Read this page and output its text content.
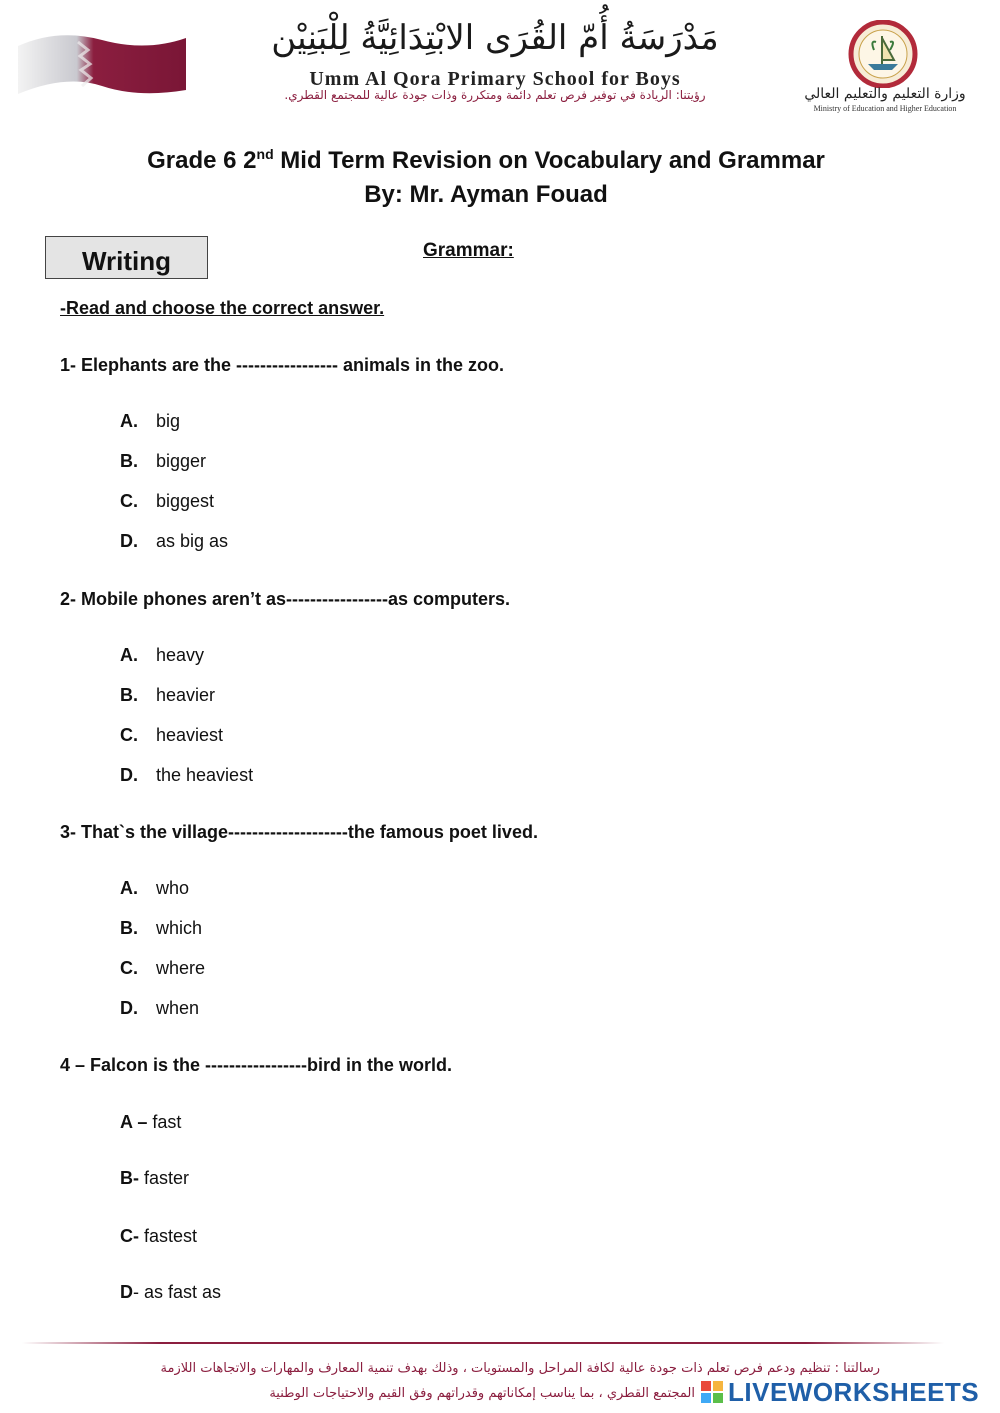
مَدْرَسَةُ أُمّ القُرَى الابْتِدَائِيَّةُ لِلْبَنِيْن
Umm Al Qora Primary School for Boys
رؤيتنا: الريادة في توفير فرص تعلم دائمة ومتكررة وذات جودة عالية للمجتمع القطري.	وزارة التعليم والتعليم العالي
Ministry of Education and Higher Education
Grade 6 2nd Mid Term Revision on Vocabulary and Grammar
By: Mr. Ayman Fouad
Writing	Grammar:
-Read and choose the correct answer.
1- Elephants are the ----------------- animals in the zoo.
A. big
B. bigger
C. biggest
D. as big as
2- Mobile phones aren’t as-----------------as computers.
A. heavy
B. heavier
C. heaviest
D. the heaviest
3- That`s the village--------------------the famous poet lived.
A. who
B. which
C. where
D. when
4 – Falcon is the -----------------bird in the world.
A – fast
B- faster
C- fastest
D- as fast as
رسالتنا : تنظيم ودعم فرص تعلم ذات جودة عالية لكافة المراحل والمستويات ، وذلك بهدف تنمية المعارف والمهارات والاتجاهات اللازمة
المجتمع القطري ، بما يناسب إمكاناتهم وقدراتهم وفق القيم والاحتياجات الوطنية LIVEWORKSHEETS
